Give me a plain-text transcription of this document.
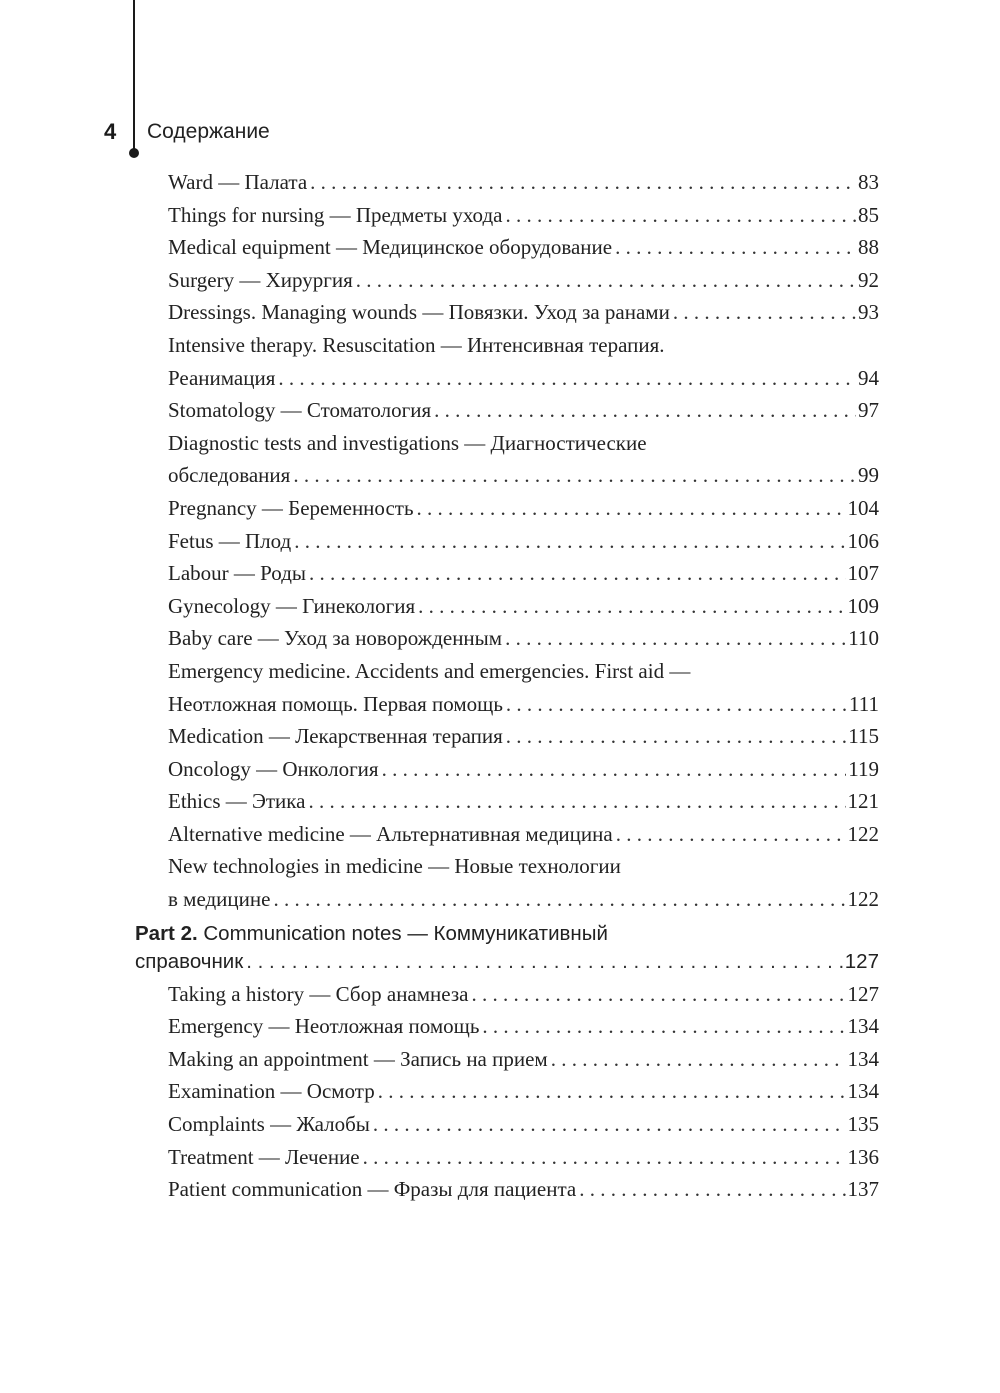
4 Содержание
Ward — Палата . . .	83
Things for nursing — Предметы ухода . . .	85
Medical equipment — Медицинское оборудование . . .	88
Surgery — Хирургия . . .	92
Dressings. Managing wounds — Повязки. Уход за ранами . . .	93
Intensive therapy. Resuscitation — Интенсивная терапия.
Реанимация . . .	94
Stomatology — Стоматология . . .	97
Diagnostic tests and investigations — Диагностические
обследования . . .	99
Pregnancy — Беременность . . .	104
Fetus — Плод . . .	106
Labour — Роды . . .	107
Gynecology — Гинекология . . .	109
Baby care — Уход за новорожденным . . .	110
Emergency medicine. Accidents and emergencies. First aid —
Неотложная помощь. Первая помощь . . .	111
Medication — Лекарственная терапия . . .	115
Oncology — Онкология . . .	119
Ethics — Этика . . .	121
Alternative medicine — Альтернативная медицина . . .	122
New technologies in medicine — Новые технологии
в медицине . . .	122
Part 2. Communication notes — Коммуникативный
справочник . . .	127
Taking a history — Сбор анамнеза . . .	127
Emergency — Неотложная помощь . . .	134
Making an appointment — Запись на прием . . .	134
Examination — Осмотр . . .	134
Complaints — Жалобы . . .	135
Treatment — Лечение . . .	136
Patient communication — Фразы для пациента . . .	137
